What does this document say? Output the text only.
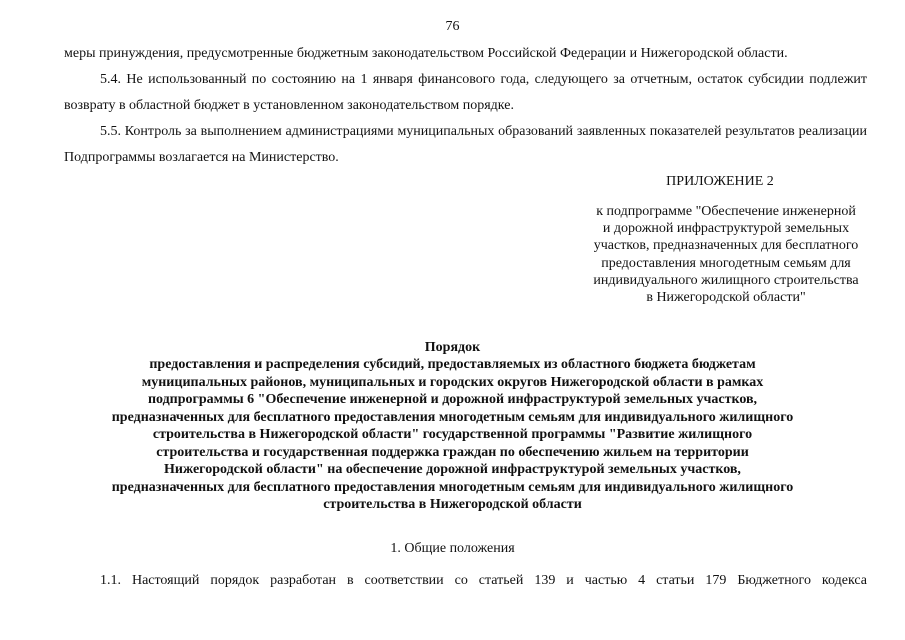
76
меры принуждения, предусмотренные бюджетным законодательством Российской Федерации и Нижегородской области.
5.4. Не использованный по состоянию на 1 января финансового года, следующего за отчетным, остаток субсидии подлежит возврату в областной бюджет в установленном законодательством порядке.
5.5. Контроль за выполнением администрациями муниципальных образований заявленных показателей результатов реализации Подпрограммы возлагается на Министерство.
ПРИЛОЖЕНИЕ 2
к подпрограмме "Обеспечение инженерной
и дорожной инфраструктурой земельных
участков, предназначенных для бесплатного
предоставления многодетным семьям для
индивидуального жилищного строительства
в Нижегородской области"
Порядок
предоставления и распределения субсидий, предоставляемых из областного бюджета бюджетам
муниципальных районов, муниципальных и городских округов Нижегородской области в рамках
подпрограммы 6 "Обеспечение инженерной и дорожной инфраструктурой земельных участков,
предназначенных для бесплатного предоставления многодетным семьям для индивидуального жилищного
строительства в Нижегородской области" государственной программы "Развитие жилищного
строительства и государственная поддержка граждан по обеспечению жильем на территории
Нижегородской области" на обеспечение дорожной инфраструктурой земельных участков,
предназначенных для бесплатного предоставления многодетным семьям для индивидуального жилищного
строительства в Нижегородской области
1. Общие положения
1.1. Настоящий порядок разработан в соответствии со статьей 139 и частью 4 статьи 179 Бюджетного кодекса
